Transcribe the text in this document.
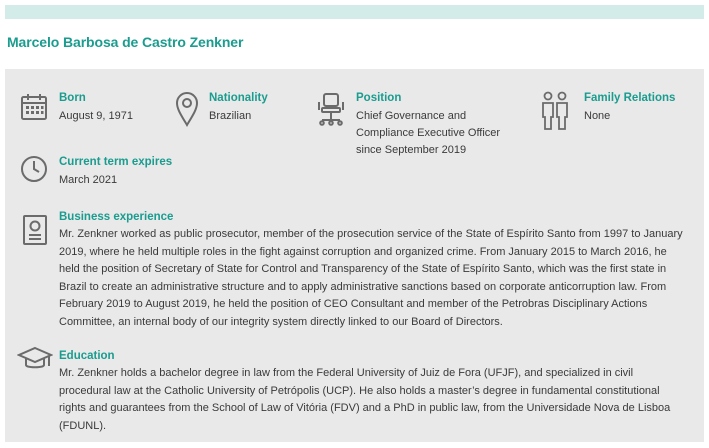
Marcelo Barbosa de Castro Zenkner
Born
August 9, 1971
Nationality
Brazilian
Position
Chief Governance and
Compliance Executive Officer
since September 2019
Family Relations
None
Current term expires
March 2021
Business experience
Mr. Zenkner worked as public prosecutor, member of the prosecution service of the State of Espírito Santo from 1997 to January 2019, where he held multiple roles in the fight against corruption and organized crime. From January 2015 to March 2016, he held the position of Secretary of State for Control and Transparency of the State of Espírito Santo, which was the first state in Brazil to create an administrative structure and to apply administrative sanctions based on corporate anticorruption law. From February 2019 to August 2019, he held the position of CEO Consultant and member of the Petrobras Disciplinary Actions Committee, an internal body of our integrity system directly linked to our Board of Directors.
Education
Mr. Zenkner holds a bachelor degree in law from the Federal University of Juiz de Fora (UFJF), and specialized in civil procedural law at the Catholic University of Petrópolis (UCP). He also holds a master’s degree in fundamental constitutional rights and guarantees from the School of Law of Vitória (FDV) and a PhD in public law, from the Universidade Nova de Lisboa (FDUNL).
